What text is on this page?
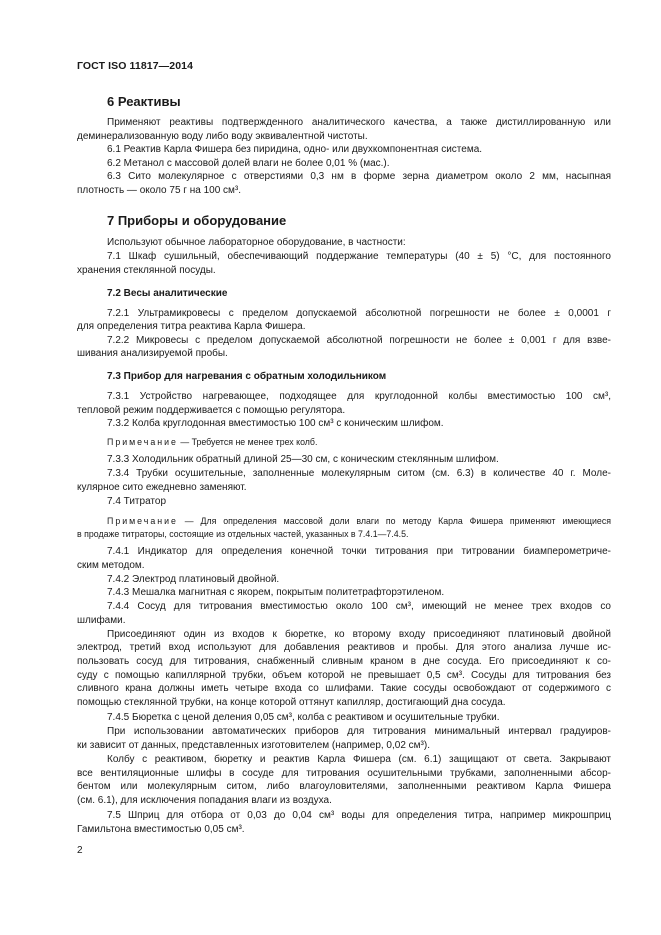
ГОСТ ISO 11817—2014
6 Реактивы
Применяют реактивы подтвержденного аналитического качества, а также дистиллированную или
деминерализованную воду либо воду эквивалентной чистоты.
6.1 Реактив Карла Фишера без пиридина, одно- или двухкомпонентная система.
6.2 Метанол с массовой долей влаги не более 0,01 % (мас.).
6.3 Сито молекулярное с отверстиями 0,3 нм в форме зерна диаметром около 2 мм, насыпная
плотность — около 75 г на 100 см³.
7 Приборы и оборудование
Используют обычное лабораторное оборудование, в частности:
7.1 Шкаф сушильный, обеспечивающий поддержание температуры (40 ± 5) °С, для постоянного
хранения стеклянной посуды.
7.2 Весы аналитические
7.2.1 Ультрамикровесы с пределом допускаемой абсолютной погрешности не более ± 0,0001 г
для определения титра реактива Карла Фишера.
7.2.2 Микровесы с пределом допускаемой абсолютной погрешности не более ± 0,001 г для взве-
шивания анализируемой пробы.
7.3 Прибор для нагревания с обратным холодильником
7.3.1 Устройство нагревающее, подходящее для круглодонной колбы вместимостью 100 см³,
тепловой режим поддерживается с помощью регулятора.
7.3.2 Колба круглодонная вместимостью 100 см³ с коническим шлифом.
Примечание — Требуется не менее трех колб.
7.3.3 Холодильник обратный длиной 25—30 см, с коническим стеклянным шлифом.
7.3.4 Трубки осушительные, заполненные молекулярным ситом (см. 6.3) в количестве 40 г. Моле-
кулярное сито ежедневно заменяют.
7.4 Титратор
Примечание — Для определения массовой доли влаги по методу Карла Фишера применяют имеющиеся
в продаже титраторы, состоящие из отдельных частей, указанных в 7.4.1—7.4.5.
7.4.1 Индикатор для определения конечной точки титрования при титровании биамперометриче-
ским методом.
7.4.2 Электрод платиновый двойной.
7.4.3 Мешалка магнитная с якорем, покрытым политетрафторэтиленом.
7.4.4 Сосуд для титрования вместимостью около 100 см³, имеющий не менее трех входов со
шлифами.
Присоединяют один из входов к бюретке, ко второму входу присоединяют платиновый двойной
электрод, третий вход используют для добавления реактивов и пробы. Для этого анализа лучше ис-
пользовать сосуд для титрования, снабженный сливным краном в дне сосуда. Его присоединяют к со-
суду с помощью капиллярной трубки, объем которой не превышает 0,5 см³. Сосуды для титрования без
сливного крана должны иметь четыре входа со шлифами. Такие сосуды освобождают от содержимого с
помощью стеклянной трубки, на конце которой оттянут капилляр, достигающий дна сосуда.
7.4.5 Бюретка с ценой деления 0,05 см³, колба с реактивом и осушительные трубки.
При использовании автоматических приборов для титрования минимальный интервал градуиров-
ки зависит от данных, представленных изготовителем (например, 0,02 см³).
Колбу с реактивом, бюретку и реактив Карла Фишера (см. 6.1) защищают от света. Закрывают
все вентиляционные шлифы в сосуде для титрования осушительными трубками, заполненными абсор-
бентом или молекулярным ситом, либо влагоуловителями, заполненными реактивом Карла Фишера
(см. 6.1), для исключения попадания влаги из воздуха.
7.5 Шприц для отбора от 0,03 до 0,04 см³ воды для определения титра, например микрошприц
Гамильтона вместимостью 0,05 см³.
2
